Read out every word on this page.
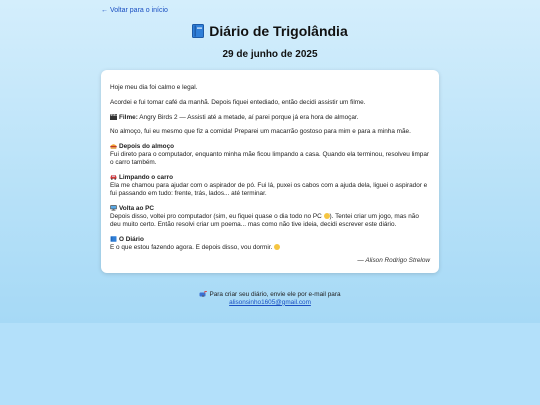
← Voltar para o início
Diário de Trigolândia
29 de junho de 2025

Hoje meu dia foi calmo e legal.

Acordei e fui tomar café da manhã. Depois fiquei entediado, então decidi assistir um filme.

Filme: Angry Birds 2 — Assisti até a metade, aí parei porque já era hora de almoçar.

No almoço, fui eu mesmo que fiz a comida! Preparei um macarrão gostoso para mim e para a minha mãe.

Depois do almoço
Fui direto para o computador, enquanto minha mãe ficou limpando a casa. Quando ela terminou, resolveu limpar o carro também.
Limpando o carro
Ela me chamou para ajudar com o aspirador de pó. Fui lá, puxei os cabos com a ajuda dela, liguei o aspirador e fui passando em tudo: frente, trás, lados... até terminar.
Volta ao PC
Depois disso, voltei pro computador (sim, eu fiquei quase o dia todo no PC ). Tentei criar um jogo, mas não deu muito certo. Então resolvi criar um poema... mas como não tive ideia, decidi escrever este diário.
O Diário
E o que estou fazendo agora. E depois disso, vou dormir.
— Alison Rodrigo Strelow
Para criar seu diário, envie ele por e-mail para
alisonsinho1605@gmail.com
